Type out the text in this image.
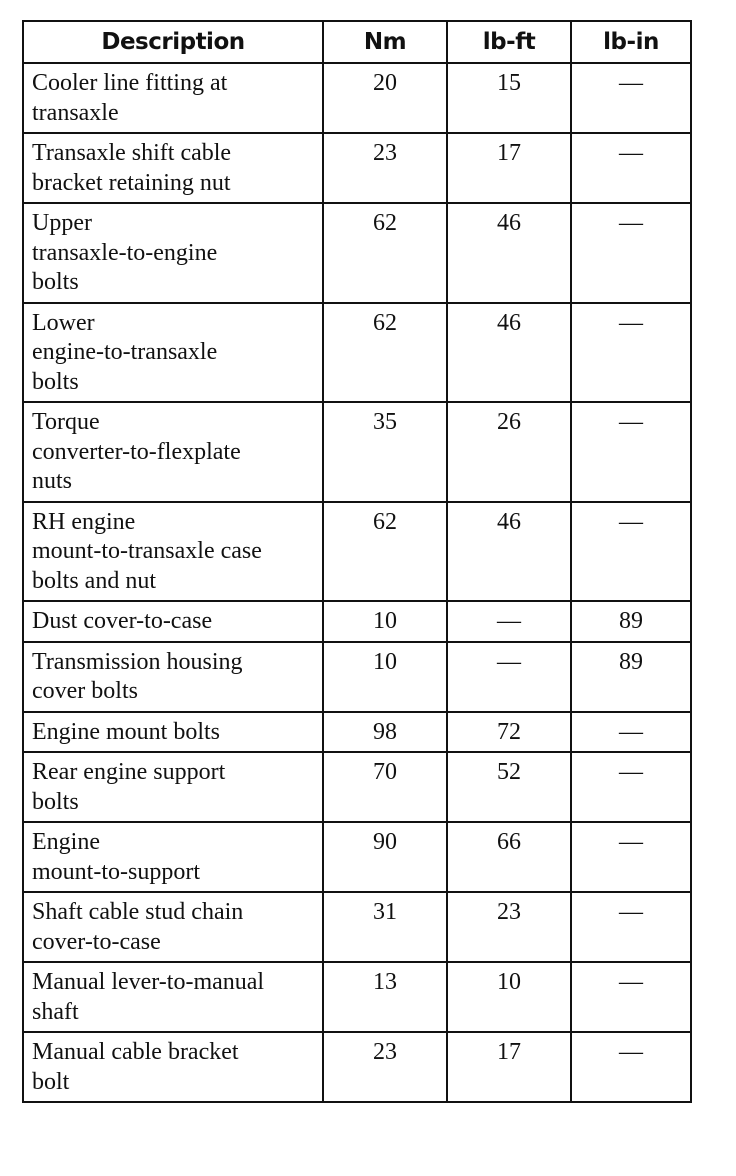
Description	Nm	lb-ft	lb-in

Cooler line fitting at
transaxle	20	15	—

Transaxle shift cable
bracket retaining nut	23	17	—

Upper
transaxle-to-engine
bolts	62	46	—

Lower
engine-to-transaxle
bolts	62	46	—

Torque
converter-to-flexplate
nuts	35	26	—

RH engine
mount-to-transaxle case
bolts and nut	62	46	—

Dust cover-to-case	10	—	89

Transmission housing
cover bolts	10	—	89

Engine mount bolts	98	72	—

Rear engine support
bolts	70	52	—

Engine
mount-to-support	90	66	—

Shaft cable stud chain
cover-to-case	31	23	—

Manual lever-to-manual
shaft	13	10	—

Manual cable bracket
bolt	23	17	—
